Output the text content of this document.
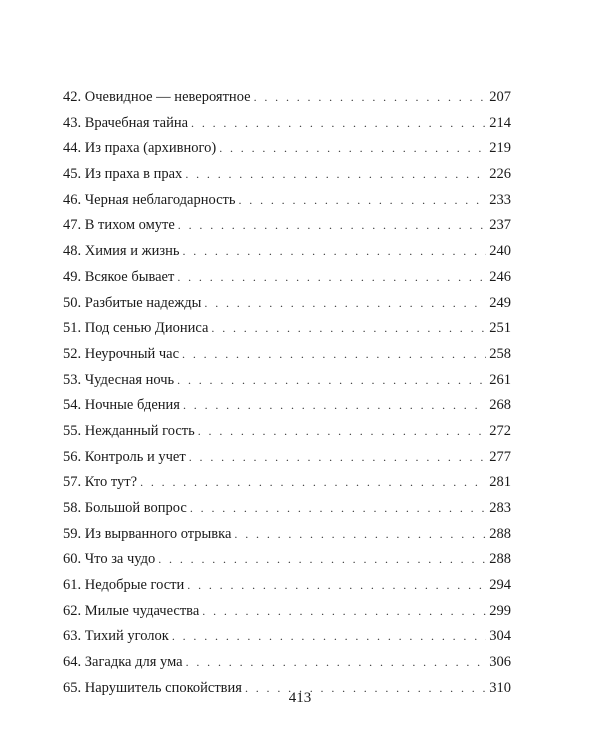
42. Очевидное — невероятное . . .	207
43. Врачебная тайна . . .	214
44. Из праха (архивного) . . .	219
45. Из праха в прах . . .	226
46. Черная неблагодарность . . .	233
47. В тихом омуте . . .	237
48. Химия и жизнь . . .	240
49. Всякое бывает . . .	246
50. Разбитые надежды . . .	249
51. Под сенью Диониса . . .	251
52. Неурочный час . . .	258
53. Чудесная ночь . . .	261
54. Ночные бдения . . .	268
55. Нежданный гость . . .	272
56. Контроль и учет . . .	277
57. Кто тут? . . .	281
58. Большой вопрос . . .	283
59. Из вырванного отрывка . . .	288
60. Что за чудо . . .	288
61. Недобрые гости . . .	294
62. Милые чудачества . . .	299
63. Тихий уголок . . .	304
64. Загадка для ума . . .	306
65. Нарушитель спокойствия . . .	310
413
